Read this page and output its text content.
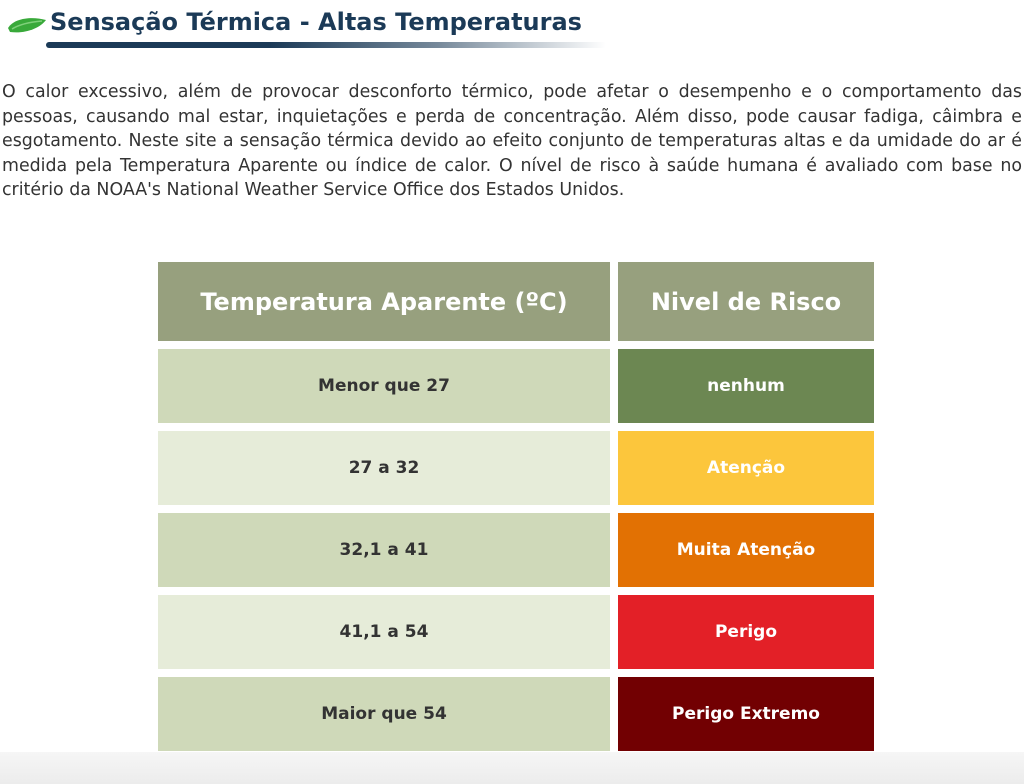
Sensação Térmica - Altas Temperaturas

O calor excessivo, além de provocar desconforto térmico, pode afetar o desempenho e o comportamento das pessoas, causando mal estar, inquietações e perda de concentração. Além disso, pode causar fadiga, câimbra e esgotamento. Neste site a sensação térmica devido ao efeito conjunto de temperaturas altas e da umidade do ar é medida pela Temperatura Aparente ou índice de calor. O nível de risco à saúde humana é avaliado com base no critério da NOAA's National Weather Service Office dos Estados Unidos.

Temperatura Aparente (ºC)	Nivel de Risco
Menor que 27	nenhum
27 a 32	Atenção
32,1 a 41	Muita Atenção
41,1 a 54	Perigo
Maior que 54	Perigo Extremo
